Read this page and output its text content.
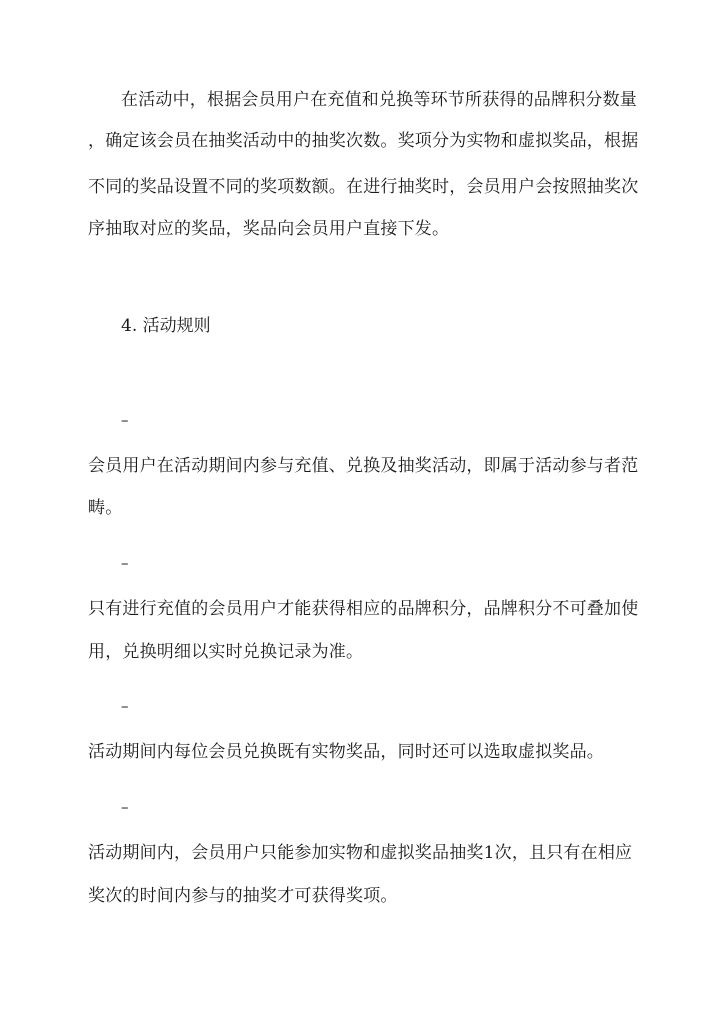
在活动中，根据会员用户在充值和兑换等环节所获得的品牌积分数量
，确定该会员在抽奖活动中的抽奖次数。奖项分为实物和虚拟奖品，根据
不同的奖品设置不同的奖项数额。在进行抽奖时，会员用户会按照抽奖次
序抽取对应的奖品，奖品向会员用户直接下发。
4. 活动规则
–
会员用户在活动期间内参与充值、兑换及抽奖活动，即属于活动参与者范
畴。
–
只有进行充值的会员用户才能获得相应的品牌积分，品牌积分不可叠加使
用，兑换明细以实时兑换记录为准。
–
活动期间内每位会员兑换既有实物奖品，同时还可以选取虚拟奖品。
–
活动期间内，会员用户只能参加实物和虚拟奖品抽奖1次，且只有在相应
奖次的时间内参与的抽奖才可获得奖项。
